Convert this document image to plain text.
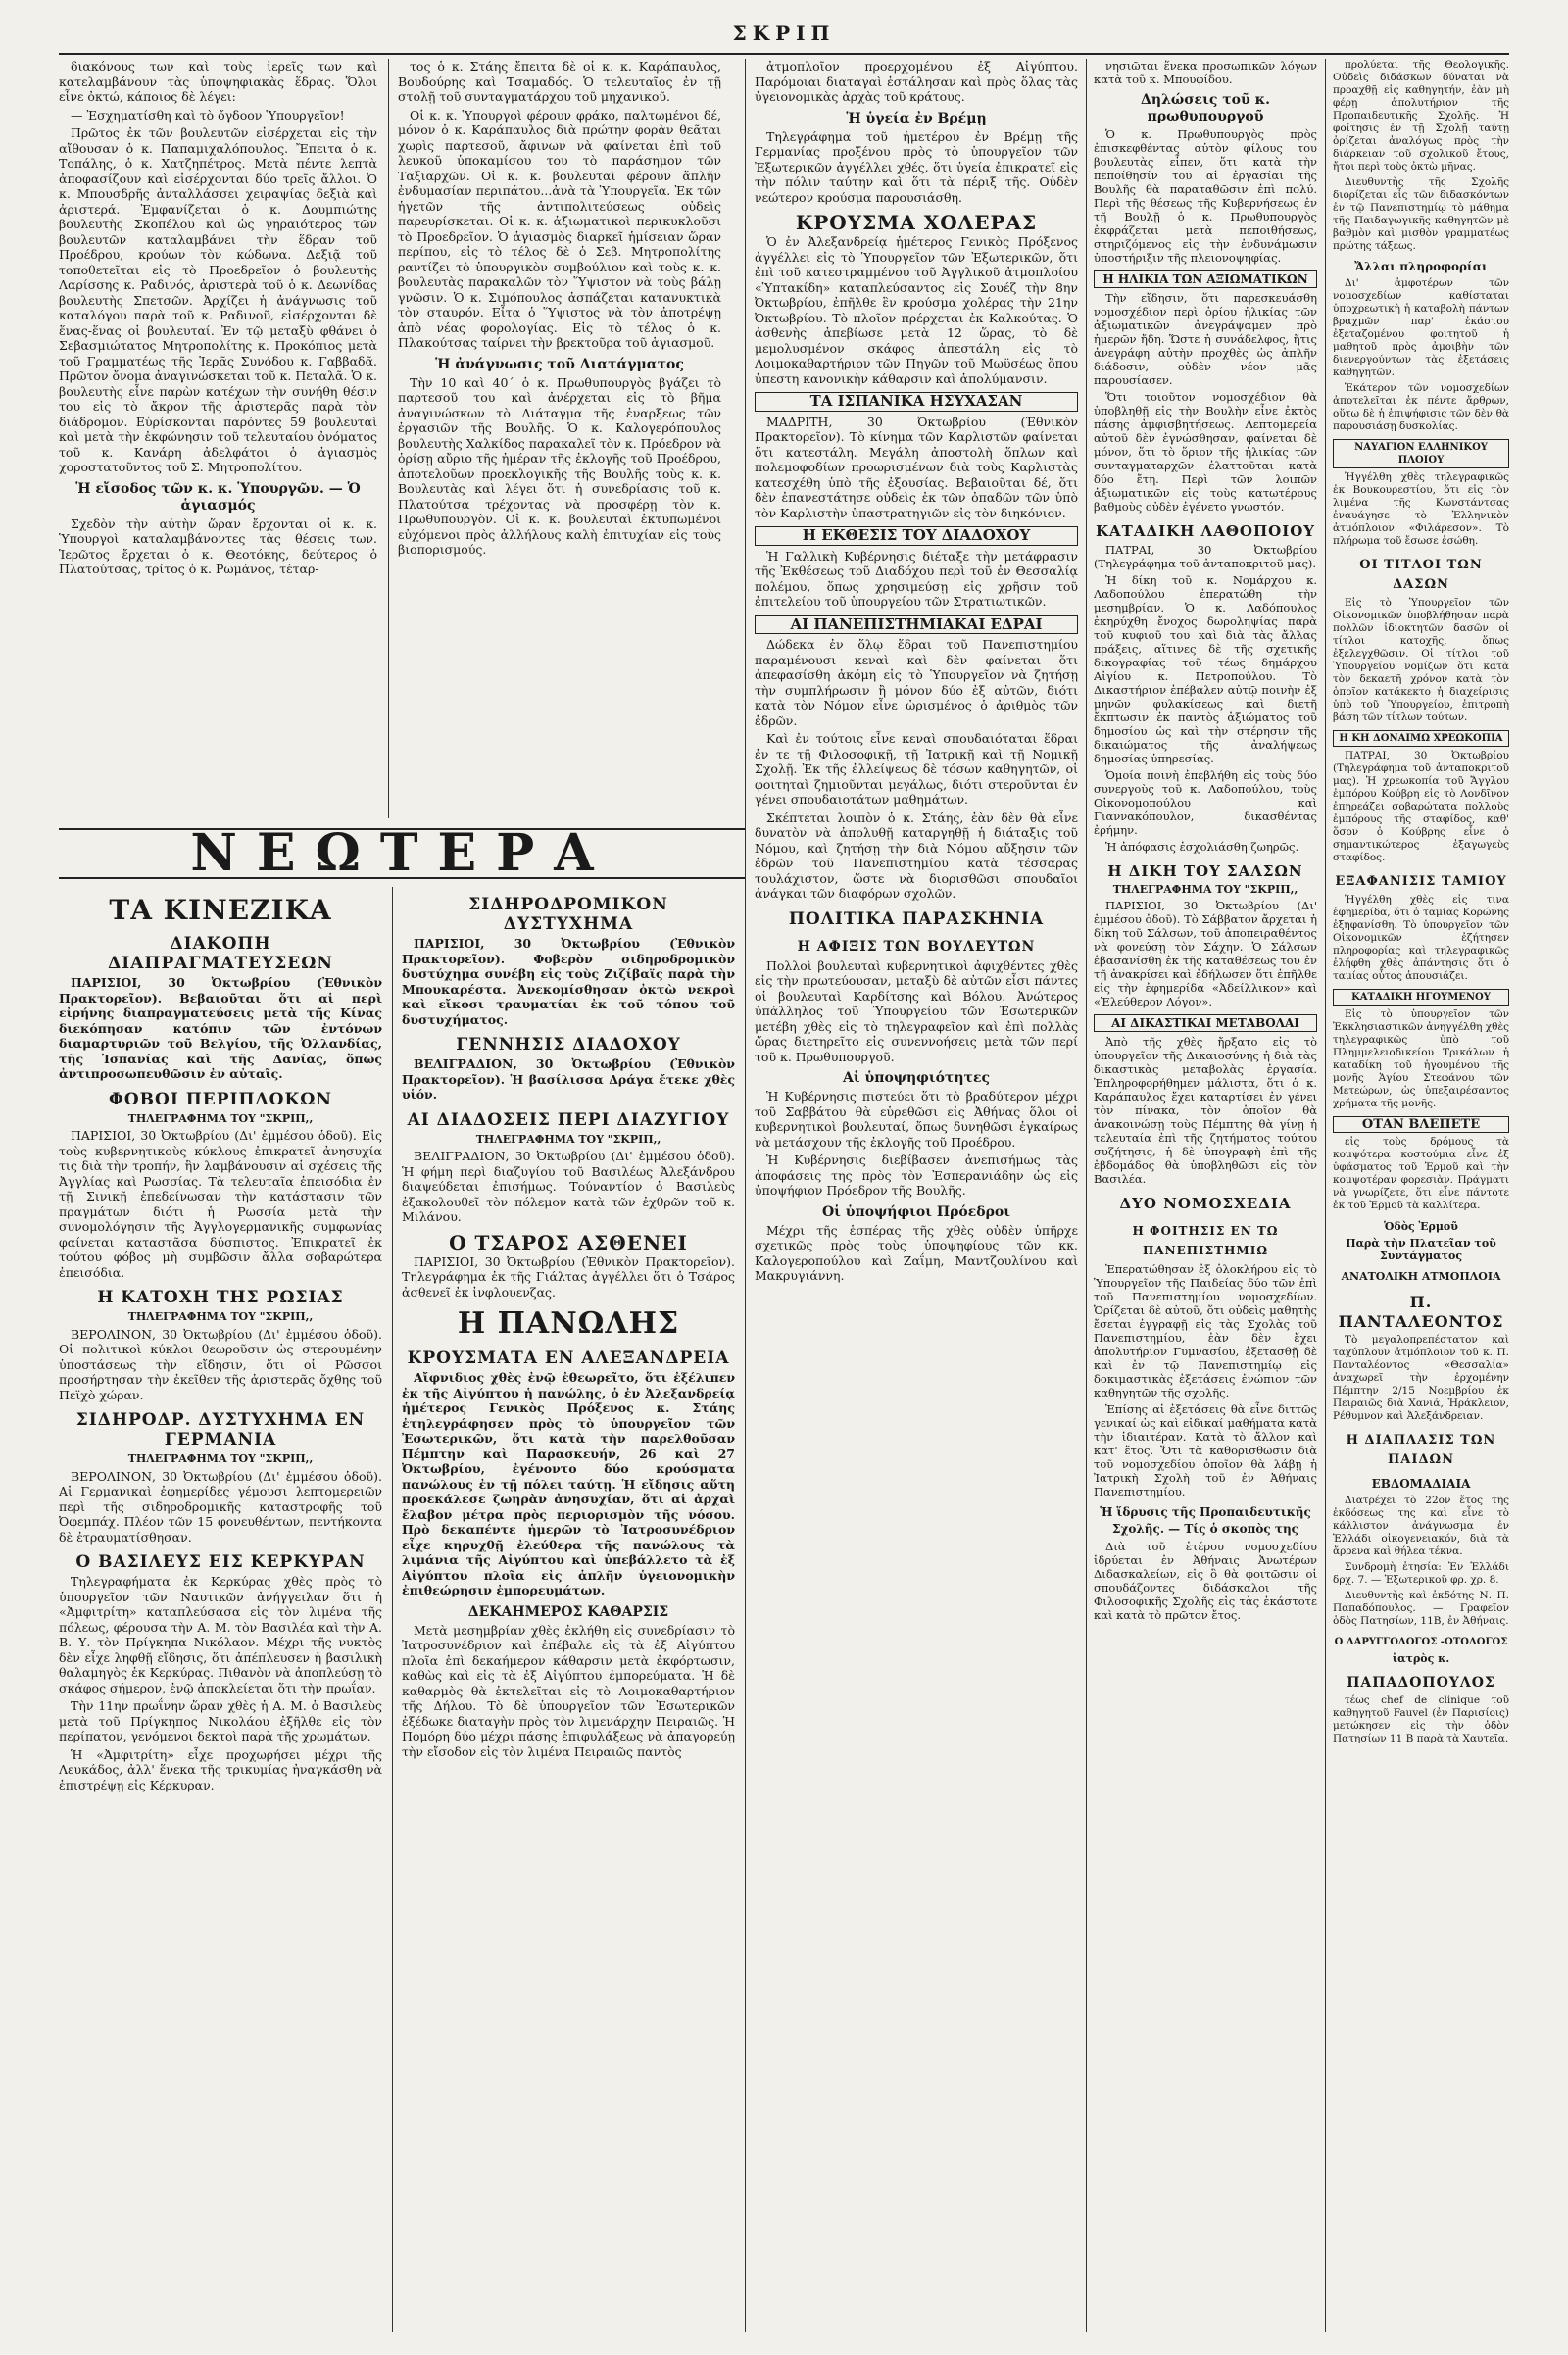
ΣΚΡΙΠ

διακόνους των καὶ τοὺς ἱερεῖς των καὶ κατελαμβάνουν τὰς ὑποψηφιακὰς ἕδρας. Ὅλοι εἶνε ὀκτώ, κάποιος δὲ λέγει:

— Ἐσχηματίσθη καὶ τὸ ὄγδοον Ὑπουργεῖον!

Πρῶτος ἐκ τῶν βουλευτῶν εἰσέρχεται εἰς τὴν αἴθουσαν ὁ κ. Παπαμιχαλόπουλος. Ἔπειτα ὁ κ. Τοπάλης, ὁ κ. Χατζηπέτρος. Μετὰ πέντε λεπτὰ ἀποφασίζουν καὶ εἰσέρχονται δύο τρεῖς ἄλλοι. Ὁ κ. Μπουσδρῆς ἀνταλλάσσει χειραψίας δεξιὰ καὶ ἀριστερά. Ἐμφανίζεται ὁ κ. Δουμπιώτης βουλευτὴς Σκοπέλου καὶ ὡς γηραιότερος τῶν βουλευτῶν καταλαμβάνει τὴν ἕδραν τοῦ Προέδρου, κρούων τὸν κώδωνα. Δεξιᾷ τοῦ τοποθετεῖται εἰς τὸ Προεδρεῖον ὁ βουλευτὴς Λαρίσσης κ. Ραδινός, ἀριστερὰ τοῦ ὁ κ. Δεωνίδας βουλευτὴς Σπετσῶν. Ἀρχίζει ἡ ἀνάγνωσις τοῦ καταλόγου παρὰ τοῦ κ. Ραδινοῦ, εἰσέρχονται δὲ ἕνας-ἕνας οἱ βουλευταί. Ἐν τῷ μεταξὺ φθάνει ὁ Σεβασμιώτατος Μητροπολίτης κ. Προκόπιος μετὰ τοῦ Γραμματέως τῆς Ἱερᾶς Συνόδου κ. Γαββαδᾶ. Πρῶτον ὄνομα ἀναγινώσκεται τοῦ κ. Πεταλᾶ. Ὁ κ. βουλευτὴς εἶνε παρὼν κατέχων τὴν συνήθη θέσιν του εἰς τὸ ἄκρον τῆς ἀριστερᾶς παρὰ τὸν διάδρομον. Εὐρίσκονται παρόντες 59 βουλευταὶ καὶ μετὰ τὴν ἐκφώνησιν τοῦ τελευταίου ὀνόματος τοῦ κ. Κανάρη ἀδελφάτοι ὁ ἀγιασμὸς χοροστατοῦντος τοῦ Σ. Μητροπολίτου.

Ἡ εἴσοδος τῶν κ. κ. Ὑπουργῶν. — Ὁ ἁγιασμός

Σχεδὸν τὴν αὐτὴν ὥραν ἔρχονται οἱ κ. κ. Ὑπουργοὶ καταλαμβάνοντες τὰς θέσεις των. Ἱερῶτος ἔρχεται ὁ κ. Θεοτόκης, δεύτερος ὁ Πλατούτσας, τρίτος ὁ κ. Ρωμάνος, τέταρ-

τος ὁ κ. Στάης ἔπειτα δὲ οἱ κ. κ. Καράπαυλος, Βουδούρης καὶ Τσαμαδός. Ὁ τελευταῖος ἐν τῇ στολῇ τοῦ συνταγματάρχου τοῦ μηχανικοῦ.

Οἱ κ. κ. Ὑπουργοὶ φέρουν φράκο, παλτωμένοι δέ, μόνον ὁ κ. Καράπαυλος διὰ πρώτην φορὰν θεᾶται χωρὶς παρτεσοῦ, ἄφινων νὰ φαίνεται ἐπὶ τοῦ λευκοῦ ὑποκαμίσου του τὸ παράσημον τῶν Ταξιαρχῶν. Οἱ κ. κ. βουλευταὶ φέρουν ἄπλῆν ἐνδυμασίαν περιπάτου...ἀνὰ τὰ Ὑπουργεῖα. Ἐκ τῶν ἡγετῶν τῆς ἀντιπολιτεύσεως οὐδεὶς παρευρίσκεται. Οἱ κ. κ. ἀξιωματικοὶ περικυκλοῦσι τὸ Προεδρεῖον. Ὁ ἁγιασμὸς διαρκεῖ ἡμίσειαν ὥραν περίπου, εἰς τὸ τέλος δὲ ὁ Σεβ. Μητροπολίτης ραντίζει τὸ ὑπουργικὸν συμβούλιον καὶ τοὺς κ. κ. βουλευτὰς παρακαλῶν τὸν Ὕψιστον νὰ τοὺς βάλῃ γνῶσιν. Ὁ κ. Σιμόπουλος ἀσπάζεται κατανυκτικὰ τὸν σταυρόν. Εἶτα ὁ Ὕψιστος νὰ τὸν ἀποτρέψῃ ἀπὸ νέας φορολογίας. Εἰς τὸ τέλος ὁ κ. Πλακούτσας ταίρνει τὴν βρεκτοῦρα τοῦ ἁγιασμοῦ.

Ἡ ἀνάγνωσις τοῦ Διατάγματος

Τὴν 10 καὶ 40΄ ὁ κ. Πρωθυπουργὸς βγάζει τὸ παρτεσοῦ του καὶ ἀνέρχεται εἰς τὸ βῆμα ἀναγινώσκων τὸ Διάταγμα τῆς ἐναρξεως τῶν ἐργασιῶν τῆς Βουλῆς. Ὁ κ. Καλογερόπουλος βουλευτὴς Χαλκίδος παρακαλεῖ τὸν κ. Πρόεδρον νὰ ὁρίσῃ αὔριο τῆς ἡμέραν τῆς ἐκλογῆς τοῦ Προέδρου, ἀποτελοῦων προεκλογικῆς τῆς Βουλῆς τοὺς κ. κ. Βουλευτὰς καὶ λέγει ὅτι ἡ συνεδρίασις τοῦ κ. Πλατούτσα τρέχοντας νὰ προσφέρῃ τὸν κ. Πρωθυπουργὸν. Οἱ κ. κ. βουλευταὶ ἐκτυπωμένοι εὐχόμενοι πρὸς ἀλλήλους καλὴ ἐπιτυχίαν εἰς τοὺς βιοπορισμούς.

ΝΕΩΤΕΡΑ
ΤΑ ΚΙΝΕΖΙΚΑ
ΔΙΑΚΟΠΗ ΔΙΑΠΡΑΓΜΑΤΕΥΣΕΩΝ

ΠΑΡΙΣΙΟΙ, 30 Ὀκτωβρίου (Ἐθνικὸν Πρακτορεῖον). Βεβαιοῦται ὅτι αἱ περὶ εἰρήνης διαπραγματεύσεις μετὰ τῆς Κίνας διεκόπησαν κατόπιν τῶν ἐντόνων διαμαρτυριῶν τοῦ Βελγίου, τῆς Ὀλλανδίας, τῆς Ἰσπανίας καὶ τῆς Δανίας, ὅπως ἀντιπροσωπευθῶσιν ἐν αὐταῖς.

ΦΟΒΟΙ ΠΕΡΙΠΛΟΚΩΝ
ΤΗΛΕΓΡΑΦΗΜΑ ΤΟΥ "ΣΚΡΙΠ,,

ΠΑΡΙΣΙΟΙ, 30 Ὀκτωβρίου (Δι' ἐμμέσου ὁδοῦ). Εἰς τοὺς κυβερνητικοὺς κύκλους ἐπικρατεῖ ἀνησυχία τις διὰ τὴν τροπήν, ἣν λαμβάνουσιν αἱ σχέσεις τῆς Ἀγγλίας καὶ Ρωσσίας. Τὰ τελευταῖα ἐπεισόδια ἐν τῇ Σινικῇ ἐπεδείνωσαν τὴν κατάστασιν τῶν πραγμάτων διότι ἡ Ρωσσία μετὰ τὴν συνομολόγησιν τῆς Ἀγγλογερμανικῆς συμφωνίας φαίνεται καταστᾶσα δύσπιστος. Ἐπικρατεῖ ἐκ τούτου φόβος μὴ συμβῶσιν ἄλλα σοβαρώτερα ἐπεισόδια.

Η ΚΑΤΟΧΗ ΤΗΣ ΡΩΣΙΑΣ
ΤΗΛΕΓΡΑΦΗΜΑ ΤΟΥ "ΣΚΡΙΠ,,

ΒΕΡΟΛΙΝΟΝ, 30 Ὀκτωβρίου (Δι' ἐμμέσου ὁδοῦ). Οἱ πολιτικοὶ κύκλοι θεωροῦσιν ὡς στερουμένην ὑποστάσεως τὴν εἴδησιν, ὅτι οἱ Ρῶσσοι προσήρτησαν τὴν ἐκεῖθεν τῆς ἀριστερᾶς ὄχθης τοῦ Πεϊχὸ χώραν.

ΣΙΔΗΡΟΔΡ. ΔΥΣΤΥΧΗΜΑ ΕΝ ΓΕΡΜΑΝΙΑ
ΤΗΛΕΓΡΑΦΗΜΑ ΤΟΥ "ΣΚΡΙΠ,,

ΒΕΡΟΛΙΝΟΝ, 30 Ὀκτωβρίου (Δι' ἐμμέσου ὁδοῦ). Αἱ Γερμανικαὶ ἐφημερίδες γέμουσι λεπτομερειῶν περὶ τῆς σιδηροδρομικῆς καταστροφῆς τοῦ Ὀφεμπάχ. Πλέον τῶν 15 φονευθέντων, πεντήκοντα δὲ ἐτραυματίσθησαν.

Ο ΒΑΣΙΛΕΥΣ ΕΙΣ ΚΕΡΚΥΡΑΝ

Τηλεγραφήματα ἐκ Κερκύρας χθὲς πρὸς τὸ ὑπουργεῖον τῶν Ναυτικῶν ἀνήγγειλαν ὅτι ἡ «Ἀμφιτρίτη» καταπλεύσασα εἰς τὸν λιμένα τῆς πόλεως, φέρουσα τὴν Α. Μ. τὸν Βασιλέα καὶ τὴν Α. Β. Υ. τὸν Πρίγκηπα Νικόλαον. Μέχρι τῆς νυκτὸς δὲν εἶχε ληφθῇ εἴδησις, ὅτι ἀπέπλευσεν ἡ βασιλικὴ θαλαμηγὸς ἐκ Κερκύρας. Πιθανὸν νὰ ἀποπλεύσῃ τὸ σκάφος σήμερον, ἐνῷ ἀποκλείεται ὅτι τὴν πρωΐαν.

Τὴν 11ην πρωΐνην ὥραν χθὲς ἡ Α. Μ. ὁ Βασιλεὺς μετὰ τοῦ Πρίγκηπος Νικολάου ἐξῆλθε εἰς τὸν περίπατον, γενόμενοι δεκτοὶ παρὰ τῆς χρωμάτων.

Ἡ «Ἀμφιτρίτη» εἶχε προχωρήσει μέχρι τῆς Λευκάδος, ἀλλ' ἕνεκα τῆς τρικυμίας ἠναγκάσθη νὰ ἐπιστρέψῃ εἰς Κέρκυραν.

ΣΙΔΗΡΟΔΡΟΜΙΚΟΝ ΔΥΣΤΥΧΗΜΑ

ΠΑΡΙΣΙΟΙ, 30 Ὀκτωβρίου (Ἐθνικὸν Πρακτορεῖον). Φοβερὸν σιδηροδρομικὸν δυστύχημα συνέβη εἰς τοὺς Ζιζίβαϊς παρὰ τὴν Μπουκαρέστα. Ἀνεκομίσθησαν ὀκτὼ νεκροὶ καὶ εἴκοσι τραυματίαι ἐκ τοῦ τόπου τοῦ δυστυχήματος.

ΓΕΝΝΗΣΙΣ ΔΙΑΔΟΧΟΥ

ΒΕΛΙΓΡΑΔΙΟΝ, 30 Ὀκτωβρίου (Ἐθνικὸν Πρακτορεῖον). Ἡ βασίλισσα Δράγα ἔτεκε χθὲς υἱόν.

ΑΙ ΔΙΑΔΟΣΕΙΣ ΠΕΡΙ ΔΙΑΖΥΓΙΟΥ
ΤΗΛΕΓΡΑΦΗΜΑ ΤΟΥ "ΣΚΡΙΠ,,

ΒΕΛΙΓΡΑΔΙΟΝ, 30 Ὀκτωβρίου (Δι' ἐμμέσου ὁδοῦ). Ἡ φήμη περὶ διαζυγίου τοῦ Βασιλέως Ἀλεξάνδρου διαψεύδεται ἐπισήμως. Τούναντίον ὁ Βασιλεὺς ἐξακολουθεῖ τὸν πόλεμον κατὰ τῶν ἐχθρῶν τοῦ κ. Μιλάνου.

Ο ΤΣΑΡΟΣ ΑΣΘΕΝΕΙ

ΠΑΡΙΣΙΟΙ, 30 Ὀκτωβρίου (Ἐθνικὸν Πρακτορεῖον). Τηλεγράφημα ἐκ τῆς Γιάλτας ἀγγέλλει ὅτι ὁ Τσάρος ἀσθενεῖ ἐκ ἰνφλουενζας.

Η ΠΑΝΩΛΗΣ
ΚΡΟΥΣΜΑΤΑ ΕΝ ΑΛΕΞΑΝΔΡΕΙΑ

Αἴφνιδιος χθὲς ἐνῷ ἐθεωρεῖτο, ὅτι ἐξέλιπεν ἐκ τῆς Αἰγύπτου ἡ πανώλης, ὁ ἐν Ἀλεξανδρείᾳ ἡμέτερος Γενικὸς Πρόξενος κ. Στάης ἐτηλεγράφησεν πρὸς τὸ ὑπουργεῖον τῶν Ἐσωτερικῶν, ὅτι κατὰ τὴν παρελθοῦσαν Πέμπτην καὶ Παρασκευήν, 26 καὶ 27 Ὀκτωβρίου, ἐγένοντο δύο κρούσματα πανώλους ἐν τῇ πόλει ταύτῃ. Ἡ εἴδησις αὕτη προεκάλεσε ζωηρὰν ἀνησυχίαν, ὅτι αἱ ἀρχαὶ ἔλαβον μέτρα πρὸς περιορισμὸν τῆς νόσου. Πρὸ δεκαπέντε ἡμερῶν τὸ Ἰατροσυνέδριον εἶχε κηρυχθῇ ἐλεύθερα τῆς πανώλους τὰ λιμάνια τῆς Αἰγύπτου καὶ ὑπεβάλλετο τὰ ἐξ Αἰγύπτου πλοῖα εἰς ἁπλῆν ὑγειονομικὴν ἐπιθεώρησιν ἐμπορευμάτων.

ΔΕΚΑΗΜΕΡΟΣ ΚΑΘΑΡΣΙΣ

Μετὰ μεσημβρίαν χθὲς ἐκλήθη εἰς συνεδρίασιν τὸ Ἰατροσυνέδριον καὶ ἐπέβαλε εἰς τὰ ἐξ Αἰγύπτου πλοῖα ἐπὶ δεκαήμερον κάθαρσιν μετὰ ἐκφόρτωσιν, καθὼς καὶ εἰς τὰ ἐξ Αἰγύπτου ἐμπορεύματα. Ἡ δὲ καθαρμὸς θὰ ἐκτελεῖται εἰς τὸ Λοιμοκαθαρτήριον τῆς Δήλου. Τὸ δὲ ὑπουργεῖον τῶν Ἐσωτερικῶν ἐξέδωκε διαταγὴν πρὸς τὸν λιμενάρχην Πειραιῶς. Ἡ Πομόρη δύο μέχρι πάσης ἐπιφυλάξεως νὰ ἀπαγορεύῃ τὴν εἴσοδον εἰς τὸν λιμένα Πειραιῶς παντὸς

ἀτμοπλοῖον προερχομένου ἐξ Αἰγύπτου. Παρόμοιαι διαταγαὶ ἐστάλησαν καὶ πρὸς ὅλας τὰς ὑγειονομικὰς ἀρχὰς τοῦ κράτους.

Ἡ ὑγεία ἐν Βρέμῃ

Τηλεγράφημα τοῦ ἡμετέρου ἐν Βρέμῃ τῆς Γερμανίας προξένου πρὸς τὸ ὑπουργεῖον τῶν Ἐξωτερικῶν ἀγγέλλει χθές, ὅτι ὑγεία ἐπικρατεῖ εἰς τὴν πόλιν ταύτην καὶ ὅτι τὰ πέριξ τῆς. Οὐδὲν νεώτερον κρούσμα παρουσιάσθη.

ΚΡΟΥΣΜΑ ΧΟΛΕΡΑΣ

Ὁ ἐν Ἀλεξανδρείᾳ ἡμέτερος Γενικὸς Πρόξενος ἀγγέλλει εἰς τὸ Ὑπουργεῖον τῶν Ἐξωτερικῶν, ὅτι ἐπὶ τοῦ κατεστραμμένου τοῦ Ἀγγλικοῦ ἀτμοπλοίου «Ὑπτακίδη» καταπλεύσαντος εἰς Σουέζ τὴν 8ην Ὀκτωβρίου, ἐπῆλθε ἓν κρούσμα χολέρας τὴν 21ην Ὀκτωβρίου. Τὸ πλοῖον πρέρχεται ἐκ Καλκούτας. Ὁ ἀσθενὴς ἀπεβίωσε μετὰ 12 ὥρας, τὸ δὲ μεμολυσμένον σκάφος ἀπεστάλη εἰς τὸ Λοιμοκαθαρτήριον τῶν Πηγῶν τοῦ Μωϋσέως ὅπου ὑπεστη κανονικὴν κάθαρσιν καὶ ἀπολύμανσιν.

ΤΑ ΙΣΠΑΝΙΚΑ ΗΣΥΧΑΣΑΝ

ΜΑΔΡΙΤΗ, 30 Ὀκτωβρίου (Ἐθνικὸν Πρακτορεῖον). Τὸ κίνημα τῶν Καρλιστῶν φαίνεται ὅτι κατεστάλη. Μεγάλη ἀποστολὴ ὅπλων καὶ πολεμοφοδίων προωρισμένων διὰ τοὺς Καρλιστὰς κατεσχέθη ὑπὸ τῆς ἐξουσίας. Βεβαιοῦται δέ, ὅτι δὲν ἐπανεστάτησε οὐδεὶς ἐκ τῶν ὀπαδῶν τῶν ὑπὸ τὸν Καρλιστὴν ὑπαστρατηγιῶν εἰς τὸν διηκόνιον.

Η ΕΚΘΕΣΙΣ ΤΟΥ ΔΙΑΔΟΧΟΥ

Ἡ Γαλλικὴ Κυβέρνησις διέταξε τὴν μετάφρασιν τῆς Ἐκθέσεως τοῦ Διαδόχου περὶ τοῦ ἐν Θεσσαλίᾳ πολέμου, ὅπως χρησιμεύσῃ εἰς χρῆσιν τοῦ ἐπιτελείου τοῦ ὑπουργείου τῶν Στρατιωτικῶν.

ΑΙ ΠΑΝΕΠΙΣΤΗΜΙΑΚΑΙ ΕΔΡΑΙ

Δώδεκα ἐν ὅλῳ ἕδραι τοῦ Πανεπιστημίου παραμένουσι κεναὶ καὶ δὲν φαίνεται ὅτι ἀπεφασίσθη ἀκόμη εἰς τὸ Ὑπουργεῖον νὰ ζητήσῃ τὴν συμπλήρωσιν ἢ μόνον δύο ἐξ αὐτῶν, διότι κατὰ τὸν Νόμον εἶνε ὡρισμένος ὁ ἀριθμὸς τῶν ἑδρῶν.

Καὶ ἐν τούτοις εἶνε κεναὶ σπουδαιόταται ἕδραι ἐν τε τῇ Φιλοσοφικῇ, τῇ Ἰατρικῇ καὶ τῇ Νομικῇ Σχολῇ. Ἐκ τῆς ἐλλείψεως δὲ τόσων καθηγητῶν, οἱ φοιτηταὶ ζημιοῦνται μεγάλως, διότι στεροῦνται ἐν γένει σπουδαιοτάτων μαθημάτων.

Σκέπτεται λοιπὸν ὁ κ. Στάης, ἐὰν δὲν θὰ εἶνε δυνατὸν νὰ ἀπολυθῇ καταργηθῇ ἡ διάταξις τοῦ Νόμου, καὶ ζητήσῃ τὴν διὰ Νόμου αὔξησιν τῶν ἑδρῶν τοῦ Πανεπιστημίου κατὰ τέσσαρας τουλάχιστον, ὥστε νὰ διορισθῶσι σπουδαῖοι ἀνάγκαι τῶν διαφόρων σχολῶν.

ΠΟΛΙΤΙΚΑ ΠΑΡΑΣΚΗΝΙΑ
Η ΑΦΙΞΙΣ ΤΩΝ ΒΟΥΛΕΥΤΩΝ

Πολλοὶ βουλευταὶ κυβερνητικοὶ ἀφιχθέντες χθὲς εἰς τὴν πρωτεύουσαν, μεταξὺ δὲ αὐτῶν εἶσι πάντες οἱ βουλευταὶ Καρδίτσης καὶ Βόλου. Ἀνώτερος ὑπάλληλος τοῦ Ὑπουργείου τῶν Ἐσωτερικῶν μετέβη χθὲς εἰς τὸ τηλεγραφεῖον καὶ ἐπὶ πολλὰς ὥρας διετηρεῖτο εἰς συνεννοήσεις μετὰ τῶν περί τοῦ κ. Πρωθυπουργοῦ.

Αἱ ὑποψηφιότητες

Ἡ Κυβέρνησις πιστεύει ὅτι τὸ βραδύτερον μέχρι τοῦ Σαββάτου θὰ εὑρεθῶσι εἰς Ἀθήνας ὅλοι οἱ κυβερνητικοὶ βουλευταί, ὅπως δυνηθῶσι ἐγκαίρως νὰ μετάσχουν τῆς ἐκλογῆς τοῦ Προέδρου.

Ἡ Κυβέρνησις διεβίβασεν ἀνεπισήμως τὰς ἀποφάσεις της πρὸς τὸν Ἐσπερανιάδην ὡς εἰς ὑποψήφιον Πρόεδρον τῆς Βουλῆς.

Οἱ ὑποψήφιοι Πρόεδροι

Μέχρι τῆς ἑσπέρας τῆς χθὲς οὐδὲν ὑπῆρχε σχετικῶς πρὸς τοὺς ὑποψηφίους τῶν κκ. Καλογεροπούλου καὶ Ζαΐμη, Μαντζουλίνου καὶ Μακρυγιάννη.

νησιῶται ἕνεκα προσωπικῶν λόγων κατὰ τοῦ κ. Μπουφίδου.

Δηλώσεις τοῦ κ. πρωθυπουργοῦ

Ὁ κ. Πρωθυπουργὸς πρὸς ἐπισκεφθέντας αὐτὸν φίλους του βουλευτὰς εἶπεν, ὅτι κατὰ τὴν πεποίθησίν του αἱ ἐργασίαι τῆς Βουλῆς θὰ παραταθῶσιν ἐπὶ πολύ. Περὶ τῆς θέσεως τῆς Κυβερνήσεως ἐν τῇ Βουλῇ ὁ κ. Πρωθυπουργὸς ἐκφράζεται μετὰ πεποιθήσεως, στηριζόμενος εἰς τὴν ἐνδυνάμωσιν ὑποστήριξιν τῆς πλειονοψηφίας.

Η ΗΛΙΚΙΑ ΤΩΝ ΑΞΙΩΜΑΤΙΚΩΝ

Τὴν εἴδησιν, ὅτι παρεσκευάσθη νομοσχέδιον περὶ ὁρίου ἡλικίας τῶν ἀξιωματικῶν ἀνεγράψαμεν πρὸ ἡμερῶν ἤδη. Ὥστε ἡ συνάδελφος, ἥτις ἀνεγράφη αὐτὴν προχθὲς ὡς ἀπλῆν διάδοσιν, οὐδὲν νέον μᾶς παρουσίασεν.

Ὅτι τοιοῦτον νομοσχέδιον θὰ ὑποβληθῇ εἰς τὴν Βουλὴν εἶνε ἐκτὸς πάσης ἀμφισβητήσεως. Λεπτομερεία αὐτοῦ δὲν ἐγνώσθησαν, φαίνεται δὲ μόνον, ὅτι τὸ ὅριον τῆς ἡλικίας τῶν συνταγματαρχῶν ἐλαττοῦται κατὰ δύο ἔτη. Περὶ τῶν λοιπῶν ἀξιωματικῶν εἰς τοὺς κατωτέρους βαθμοὺς οὐδὲν ἐγένετο γνωστόν.

ΚΑΤΑΔΙΚΗ ΛΑΘΟΠΟΙΟΥ

ΠΑΤΡΑΙ, 30 Ὀκτωβρίου (Τηλεγράφημα τοῦ ἀνταποκριτοῦ μας).

Ἡ δίκη τοῦ κ. Νομάρχου κ. Λαδοπούλου ἐπερατώθη τὴν μεσημβρίαν. Ὁ κ. Λαδόπουλος ἐκηρύχθη ἔνοχος δωροληψίας παρὰ τοῦ κυφιοῦ του καὶ διὰ τὰς ἄλλας πράξεις, αἵτινες δὲ τῆς σχετικῆς δικογραφίας τοῦ τέως δημάρχου Αἰγίου κ. Πετροπούλου. Τὸ Δικαστήριον ἐπέβαλεν αὐτῷ ποινὴν ἐξ μηνῶν φυλακίσεως καὶ διετῆ ἔκπτωσιν ἐκ παντὸς ἀξιώματος τοῦ δημοσίου ὡς καὶ τὴν στέρησιν τῆς δικαιώματος τῆς ἀναλήψεως δημοσίας ὑπηρεσίας.

Ὁμοία ποινὴ ἐπεβλήθη εἰς τοὺς δύο συνεργοὺς τοῦ κ. Λαδοπούλου, τοὺς Οἰκονομοπούλου καὶ Γιαννακόπουλον, δικασθέντας ἐρήμην.

Ἡ ἀπόφασις ἐσχολιάσθη ζωηρῶς.

Η ΔΙΚΗ ΤΟΥ ΣΑΛΣΩΝ
ΤΗΛΕΓΡΑΦΗΜΑ ΤΟΥ "ΣΚΡΙΠ,,

ΠΑΡΙΣΙΟΙ, 30 Ὀκτωβρίου (Δι' ἐμμέσου ὁδοῦ). Τὸ Σάββατον ἄρχεται ἡ δίκη τοῦ Σάλσων, τοῦ ἀποπειραθέντος νὰ φονεύσῃ τὸν Σάχην. Ὁ Σάλσων ἐβασανίσθη ἐκ τῆς καταθέσεως του ἐν τῇ ἀνακρίσει καὶ ἐδήλωσεν ὅτι ἐπῆλθε εἰς τὴν ἐφημερίδα «Ἀδείλλικον» καὶ «Ἐλεύθερον Λόγον».

ΑΙ ΔΙΚΑΣΤΙΚΑΙ ΜΕΤΑΒΟΛΑΙ

Ἀπὸ τῆς χθὲς ἤρξατο εἰς τὸ ὑπουργεῖον τῆς Δικαιοσύνης ἡ διὰ τὰς δικαστικὰς μεταβολὰς ἐργασία. Ἐπληροφορήθημεν μάλιστα, ὅτι ὁ κ. Καράπαυλος ἔχει καταρτίσει ἐν γένει τὸν πίνακα, τὸν ὁποῖον θὰ ἀνακοινώσῃ τοὺς Πέμπτης θὰ γίνῃ ἡ τελευταία ἐπὶ τῆς ζητήματος τούτου συζήτησις, ἡ δὲ ὑπογραφὴ ἐπὶ τῆς ἑβδομάδος θὰ ὑποβληθῶσι εἰς τὸν Βασιλέα.

ΔΥΟ ΝΟΜΟΣΧΕΔΙΑ
Η ΦΟΙΤΗΣΙΣ ΕΝ ΤΩ ΠΑΝΕΠΙΣΤΗΜΙΩ

Ἐπερατώθησαν ἐξ ὁλοκλήρου εἰς τὸ Ὑπουργεῖον τῆς Παιδείας δύο τῶν ἐπὶ τοῦ Πανεπιστημίου νομοσχεδίων. Ὁρίζεται δὲ αὐτοῦ, ὅτι οὐδεὶς μαθητὴς ἔσεται ἐγγραφῇ εἰς τὰς Σχολὰς τοῦ Πανεπιστημίου, ἐὰν δὲν ἔχει ἀπολυτήριον Γυμνασίου, ἐξετασθῇ δὲ καὶ ἐν τῷ Πανεπιστημίῳ εἰς δοκιμαστικὰς ἐξετάσεις ἐνώπιον τῶν καθηγητῶν τῆς σχολῆς.

Ἐπίσης αἱ ἐξετάσεις θὰ εἶνε διττῶς γενικαί ὡς καὶ εἰδικαί μαθήματα κατὰ τὴν ἰδιαιτέραν. Κατὰ τὸ ἄλλον καὶ κατ' ἔτος. Ὅτι τὰ καθορισθῶσιν διὰ τοῦ νομοσχεδίου ὁποῖον θὰ λάβῃ ἡ Ἰατρικὴ Σχολὴ τοῦ ἐν Ἀθήναις Πανεπιστημίου.

Ἡ ἵδρυσις τῆς Προπαιδευτικῆς Σχολῆς. — Τίς ὁ σκοπὸς της

Διὰ τοῦ ἑτέρου νομοσχεδίου ἱδρύεται ἐν Ἀθήναις Ἀνωτέρων Διδασκαλείων, εἰς ὃ θὰ φοιτῶσιν οἱ σπουδάζοντες διδάσκαλοι τῆς Φιλοσοφικῆς Σχολῆς εἰς τὰς ἑκάστοτε καὶ κατὰ τὸ πρῶτον ἔτος.

προλύεται τῆς Θεολογικῆς. Οὐδεὶς διδάσκων δύναται νὰ προαχθῇ εἰς καθηγητήν, ἐὰν μὴ φέρῃ ἀπολυτήριον τῆς Προπαιδευτικῆς Σχολῆς. Ἡ φοίτησις ἐν τῇ Σχολῇ ταύτῃ ὀρίζεται ἀναλόγως πρὸς τὴν διάρκειαν τοῦ σχολικοῦ ἔτους, ἤτοι περὶ τοὺς ὀκτὼ μῆνας.

Διευθυντὴς τῆς Σχολῆς διορίζεται εἷς τῶν διδασκόντων ἐν τῷ Πανεπιστημίῳ τὸ μάθημα τῆς Παιδαγωγικῆς καθηγητῶν μὲ βαθμὸν καὶ μισθὸν γραμματέως πρώτης τάξεως.

Ἄλλαι πληροφορίαι

Δι' ἀμφοτέρων τῶν νομοσχεδίων καθίσταται ὑποχρεωτικὴ ἡ καταβολὴ πάντων βραχμῶν παρ' ἑκάστου ἐξεταζομένου φοιτητοῦ ἡ μαθητοῦ πρὸς ἀμοιβὴν τῶν διενεργούντων τὰς ἐξετάσεις καθηγητῶν.

Ἑκάτερον τῶν νομοσχεδίων ἀποτελεῖται ἐκ πέντε ἄρθρων, οὕτω δὲ ἡ ἐπιψήφισις τῶν δὲν θὰ παρουσιάσῃ δυσκολίας.

ΝΑΥΑΓΙΟΝ ΕΛΛΗΝΙΚΟΥ ΠΛΟΙΟΥ

Ἠγγέλθη χθὲς τηλεγραφικῶς ἐκ Βουκουρεστίου, ὅτι εἰς τὸν λιμένα τῆς Κωνστάντσας ἐναυάγησε τὸ Ἑλληνικὸν ἀτμόπλοιον «Φιλάρεσον». Τὸ πλήρωμα τοῦ ἔσωσε ἐσώθη.

ΟΙ ΤΙΤΛΟΙ ΤΩΝ ΔΑΣΩΝ

Εἰς τὸ Ὑπουργεῖον τῶν Οἰκονομικῶν ὑποβλήθησαν παρὰ πολλῶν ἰδιοκτητῶν δασῶν οἱ τίτλοι κατοχῆς, ὅπως ἐξελεγχθῶσιν. Οἱ τίτλοι τοῦ Ὑπουργείου νομίζων ὅτι κατὰ τὸν δεκαετῆ χρόνον κατὰ τὸν ὁποῖον κατάκεκτο ἡ διαχείρισις ὑπὸ τοῦ Ὑπουργείου, ἐπιτροπὴ βάση τῶν τίτλων τούτων.

Η ΚΗ ΔΟΝΑΙΜΩ ΧΡΕΩΚΟΠΙΑ

ΠΑΤΡΑΙ, 30 Ὀκτωβρίου (Τηλεγράφημα τοῦ ἀνταποκριτοῦ μας). Ἡ χρεωκοπία τοῦ Ἄγγλου ἐμπόρου Κούβρη εἰς τὸ Λονδῖνον ἐπηρεάζει σοβαρώτατα πολλοὺς ἐμπόρους τῆς σταφίδος, καθ' ὅσον ὁ Κούβρης εἶνε ὁ σημαντικώτερος ἐξαγωγεὺς σταφίδος.

ΕΞΑΦΑΝΙΣΙΣ ΤΑΜΙΟΥ

Ἠγγέλθη χθὲς εἰς τινα ἐφημερίδα, ὅτι ὁ ταμίας Κορώνης ἐξηφανίσθη. Τὸ ὑπουργεῖον τῶν Οἰκονομικῶν ἐζήτησεν πληροφορίας καὶ τηλεγραφικῶς ἐλήφθη χθὲς ἀπάντησις ὅτι ὁ ταμίας οὗτος ἀπουσιάζει.

ΚΑΤΑΔΙΚΗ ΗΓΟΥΜΕΝΟΥ

Εἰς τὸ ὑπουργεῖον τῶν Ἐκκλησιαστικῶν ἀνηγγέλθη χθὲς τηλεγραφικῶς ὑπὸ τοῦ Πλημμελειοδικείου Τρικάλων ἡ καταδίκη τοῦ ἡγουμένου τῆς μονῆς Ἁγίου Στεφάνου τῶν Μετεώρων, ὡς ὑπεξαιρέσαντος χρήματα τῆς μονῆς.

ΟΤΑΝ ΒΛΕΠΕΤΕ

εἰς τοὺς δρόμους τὰ κομψότερα κοστούμια εἶνε ἐξ ὑφάσματος τοῦ Ἑρμοῦ καὶ τὴν κομψοτέραν φορεσιὰν. Πράγματι νὰ γνωρίζετε, ὅτι εἶνε πάντοτε ἐκ τοῦ Ἑρμοῦ τὰ καλλίτερα.

Ὁδὸς Ἑρμοῦ
Παρὰ τὴν Πλατεῖαν τοῦ Συντάγματος
ΑΝΑΤΟΛΙΚΗ ΑΤΜΟΠΛΟΙΑ
Π. ΠΑΝΤΑΛΕΟΝΤΟΣ

Τὸ μεγαλοπρεπέστατον καὶ ταχύπλουν ἀτμόπλοιον τοῦ κ. Π. Πανταλέοντος «Θεσσαλία» ἀναχωρεῖ τὴν ἐρχομένην Πέμπτην 2/15 Νοεμβρίου ἐκ Πειραιῶς διὰ Χανιά, Ἡράκλειον, Ρέθυμνον καὶ Ἀλεξάνδρειαν.

Η ΔΙΑΠΛΑΣΙΣ ΤΩΝ ΠΑΙΔΩΝ
ΕΒΔΟΜΑΔΙΑΙΑ

Διατρέχει τὸ 22ον ἔτος τῆς ἐκδόσεως της καὶ εἶνε τὸ κάλλιστον ἀνάγνωσμα ἐν Ἑλλάδι οἰκογενειακόν, διὰ τὰ ἄρρενα καὶ θήλεα τέκνα.

Συνδρομὴ ἐτησία: Ἐν Ἑλλάδι δρχ. 7. — Ἐξωτερικοῦ φρ. χρ. 8.

Διευθυντὴς καὶ ἐκδότης Ν. Π. Παπαδόπουλος. — Γραφεῖον ὁδὸς Πατησίων, 11Β, ἐν Ἀθήναις.

Ο ΛΑΡΥΓΓΟΛΟΓΟΣ -ΩΤΟΛΟΓΟΣ
ἰατρὸς κ.
ΠΑΠΑΔΟΠΟΥΛΟΣ

τέως chef de clinique τοῦ καθηγητοῦ Fauvel (ἐν Παρισίοις) μετώκησεν εἰς τὴν ὁδὸν Πατησίων 11 Β παρὰ τὰ Χαυτεῖα.
